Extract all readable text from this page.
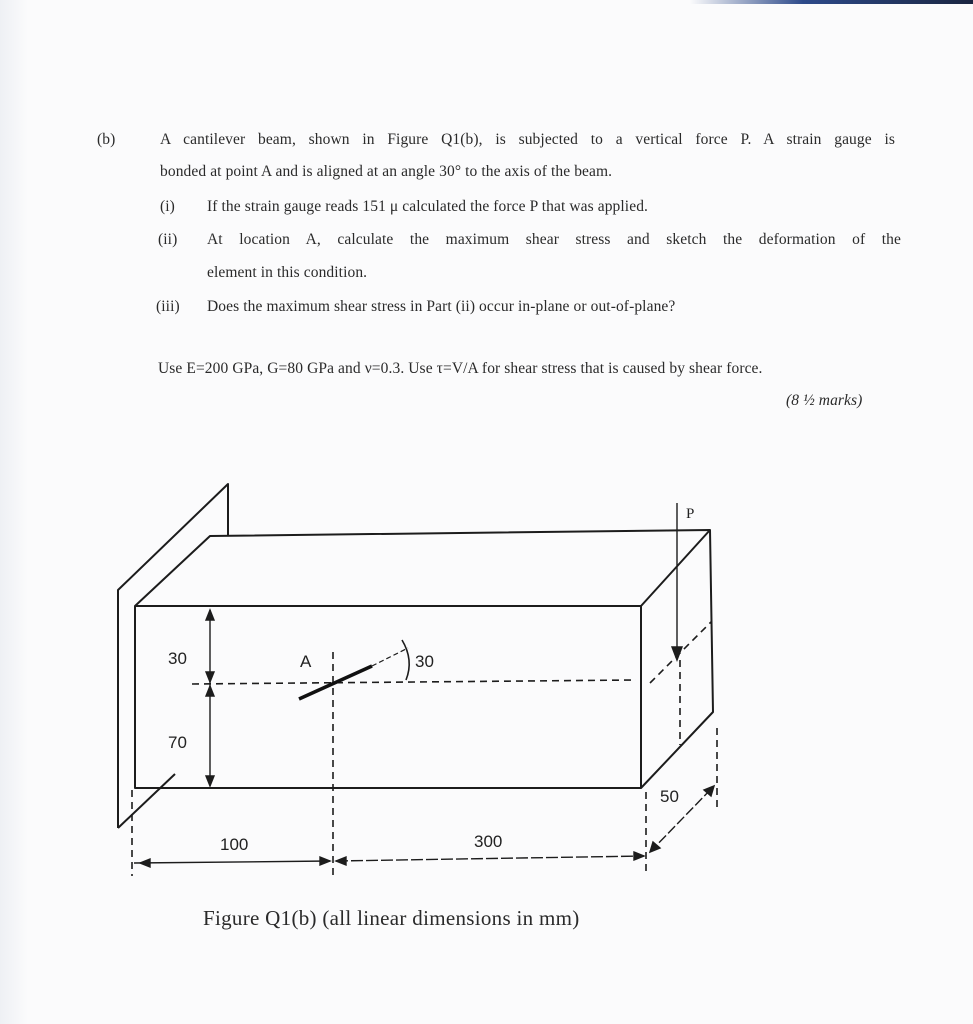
(b)	A cantilever beam, shown in Figure Q1(b), is subjected to a vertical force P. A strain gauge is
bonded at point A and is aligned at an angle 30° to the axis of the beam.
(i) If the strain gauge reads 151 μ calculated the force P that was applied.
(ii) At location A, calculate the maximum shear stress and sketch the deformation of the
element in this condition.
(iii) Does the maximum shear stress in Part (ii) occur in-plane or out-of-plane?
Use E=200 GPa, G=80 GPa and ν=0.3. Use τ=V/A for shear stress that is caused by shear force.
(8 ½ marks)
P
A	30
30
70
100	300
50
Figure Q1(b) (all linear dimensions in mm)
